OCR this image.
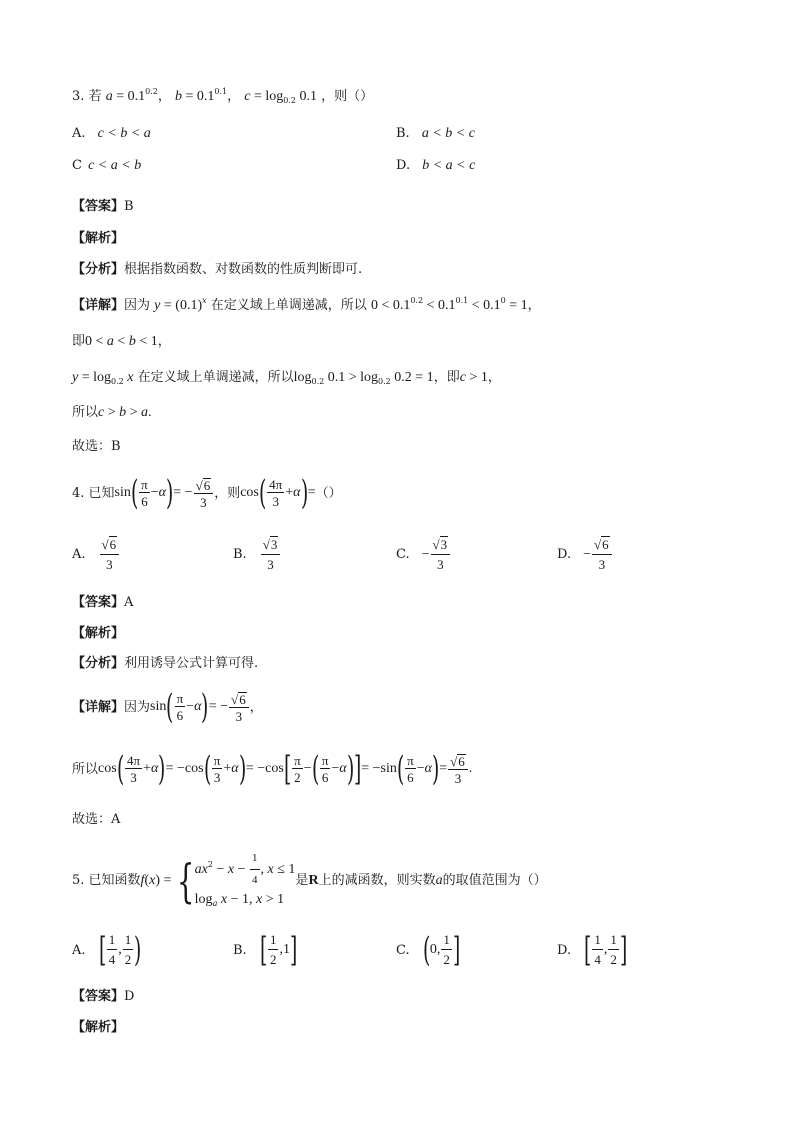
3. 若 $a = 0.1^{0.2}$， $b = 0.1^{0.1}$， $c = \log_{0.2} 0.1$ ，则（）
A. c < b < a	B. a < b < c
C c < a < b	D. b < a < c
【答案】B
【解析】
【分析】根据指数函数、对数函数的性质判断即可.
【详解】因为 $y = (0.1)^x$ 在定义域上单调递减，所以 $0 < 0.1^{0.2} < 0.1^{0.1} < 0.1^0 = 1$，
即0 < a < b < 1，
$y = \log_{0.2} x$ 在定义域上单调递减，所以$\log_{0.2} 0.1 > \log_{0.2} 0.2 = 1$，即c > 1，
所以c > b > a.
故选：B
4. 已知 sin ( $\frac{\pi}{6} - \alpha$ ) = − $\frac{√6}{3}$ ，则 cos ( $\frac{4\pi}{3} + \alpha$ ) = （）
A. $\frac{√6}{3}$	B. $\frac{√3}{3}$	C. − $\frac{√3}{3}$	D. − $\frac{√6}{3}$
【答案】A
【解析】
【分析】利用诱导公式计算可得.
【详解】 因为 sin ( $\frac{\pi}{6} - \alpha$ ) = − $\frac{√6}{3}$ ，
所以 cos ( $\frac{4\pi}{3} + \alpha$ ) = −cos ( $\frac{\pi}{3} + \alpha$ ) = −cos [ $\frac{\pi}{2}$ − ( $\frac{\pi}{6} - \alpha$ ) ] = −sin ( $\frac{\pi}{6} - \alpha$ ) = $\frac{√6}{3}$ .
故选：A
5. 已知函数 f ( x ) = { $ax^2 - x - \frac{1}{4}$ , x ≤ 1
$\log_a x - 1$, x > 1
是 R 上的减函数，则实数 a 的取值范围为（）
A. [ $\frac{1}{4}$ , $\frac{1}{2}$ )	B. [ $\frac{1}{2} ,1$ ]	C. ( 0, $\frac{1}{2}$ ]	D. [ $\frac{1}{4}$ , $\frac{1}{2}$ ]
【答案】D
【解析】
